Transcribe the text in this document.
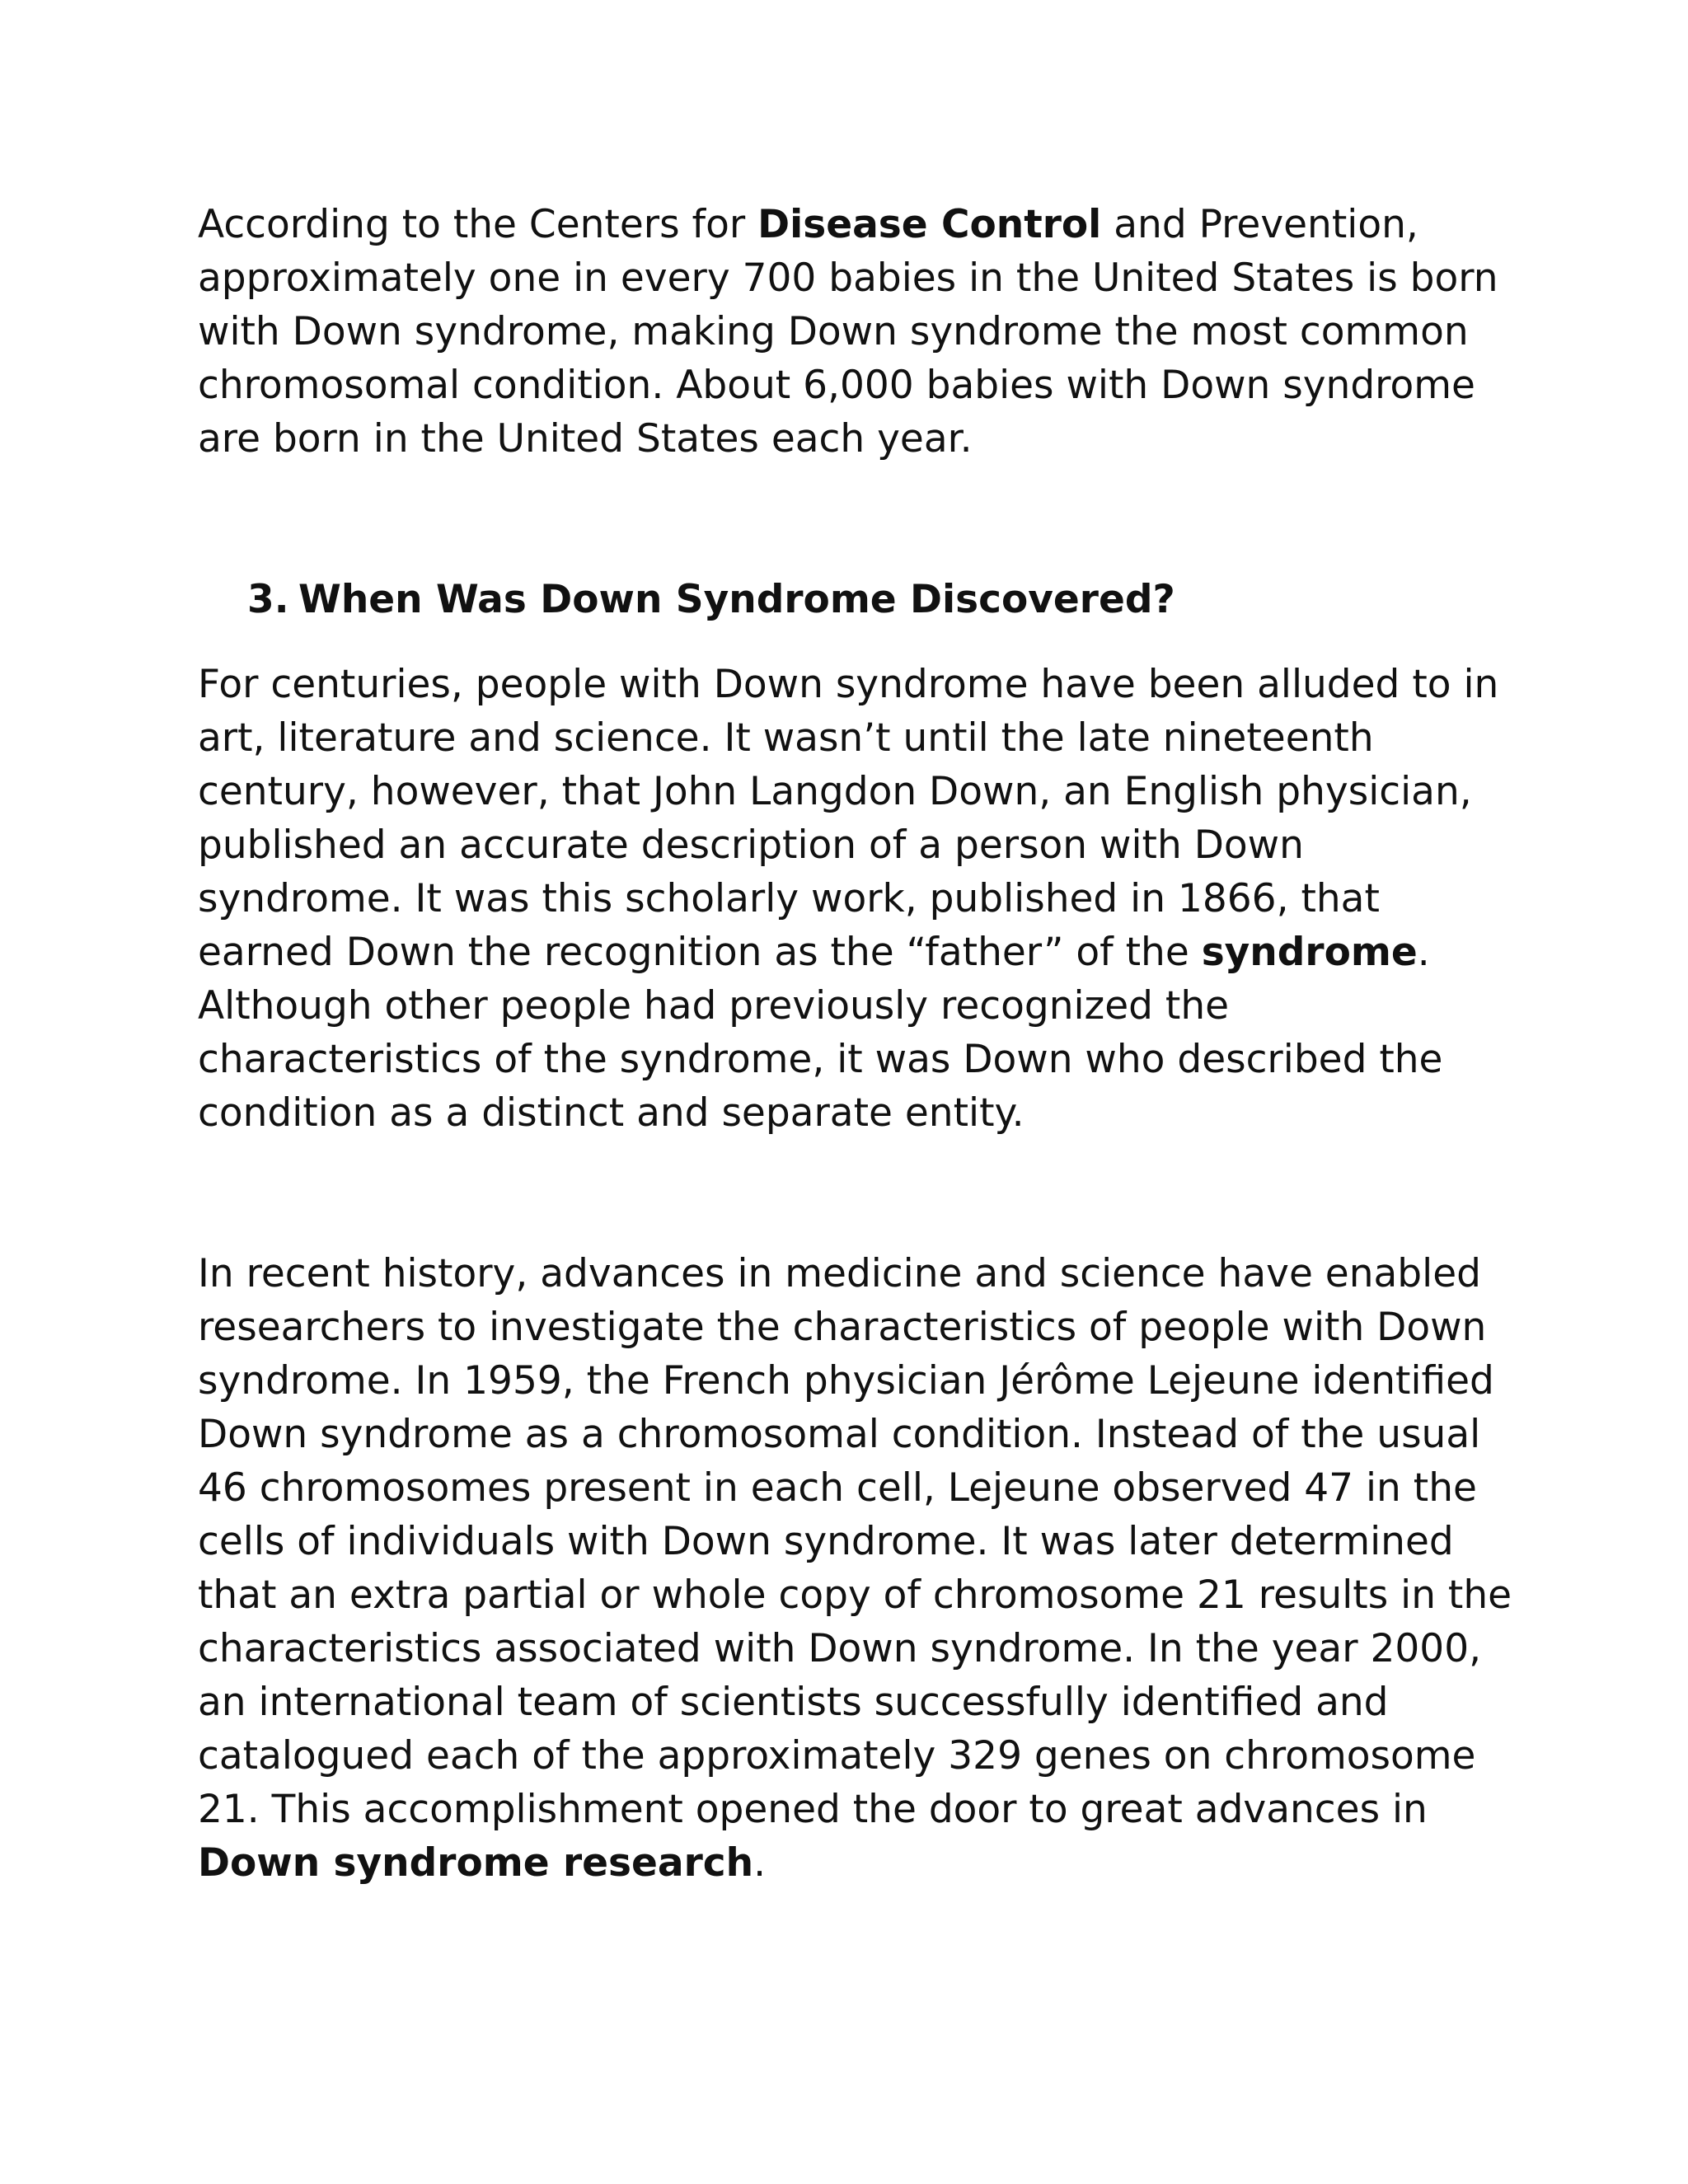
According to the Centers for Disease Control and Prevention, approximately one in every 700 babies in the United States is born with Down syndrome, making Down syndrome the most common chromosomal condition. About 6,000 babies with Down syndrome are born in the United States each year.

3. When Was Down Syndrome Discovered?

For centuries, people with Down syndrome have been alluded to in art, literature and science. It wasn’t until the late nineteenth century, however, that John Langdon Down, an English physician, published an accurate description of a person with Down syndrome. It was this scholarly work, published in 1866, that earned Down the recognition as the “father” of the syndrome. Although other people had previously recognized the characteristics of the syndrome, it was Down who described the condition as a distinct and separate entity.

In recent history, advances in medicine and science have enabled researchers to investigate the characteristics of people with Down syndrome. In 1959, the French physician Jérôme Lejeune identified Down syndrome as a chromosomal condition. Instead of the usual 46 chromosomes present in each cell, Lejeune observed 47 in the cells of individuals with Down syndrome. It was later determined that an extra partial or whole copy of chromosome 21 results in the characteristics associated with Down syndrome. In the year 2000, an international team of scientists successfully identified and catalogued each of the approximately 329 genes on chromosome 21. This accomplishment opened the door to great advances in Down syndrome research.
